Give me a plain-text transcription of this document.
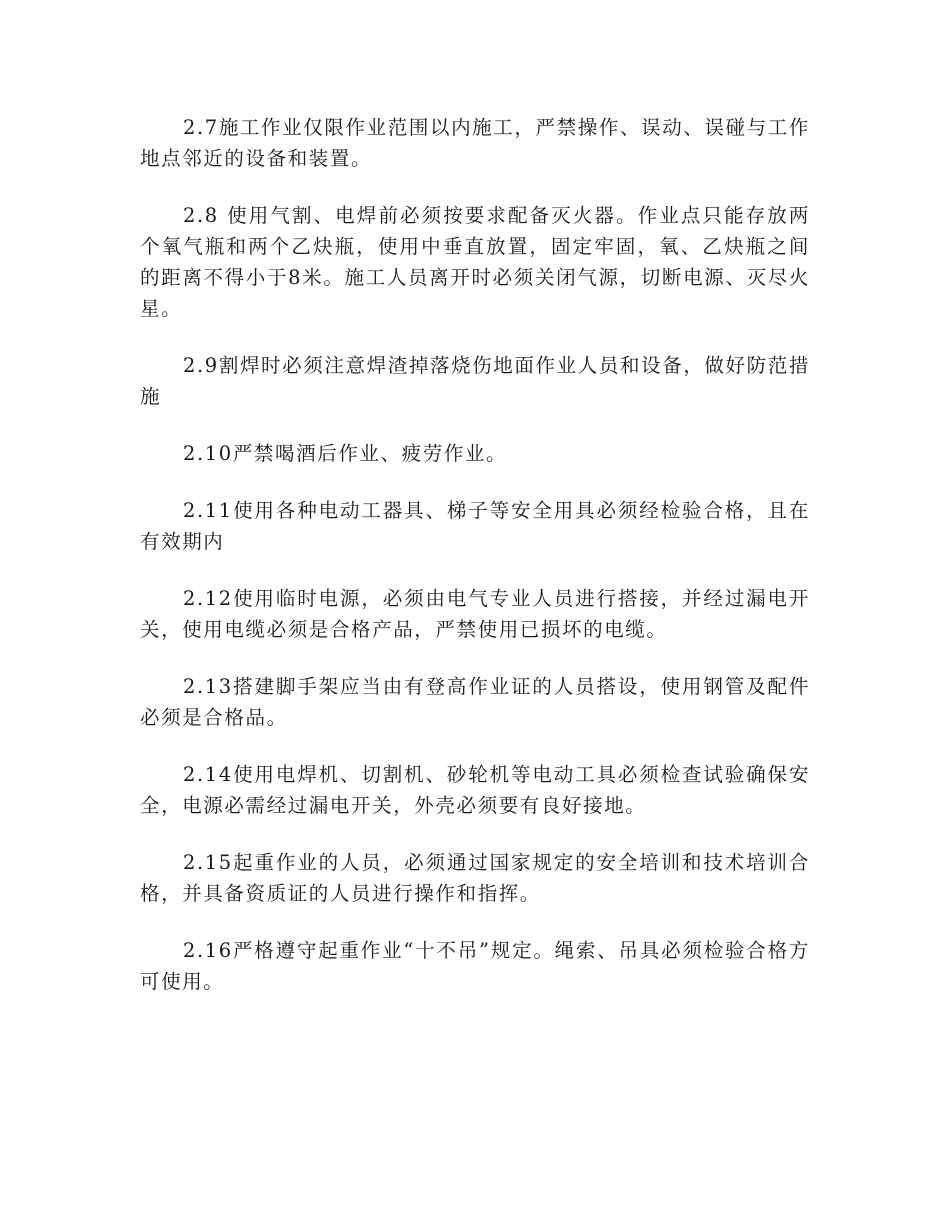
2.7施工作业仅限作业范围以内施工，严禁操作、误动、误碰与工作地点邻近的设备和装置。

2.8 使用气割、电焊前必须按要求配备灭火器。作业点只能存放两个氧气瓶和两个乙炔瓶，使用中垂直放置，固定牢固，氧、乙炔瓶之间的距离不得小于8米。施工人员离开时必须关闭气源，切断电源、灭尽火星。

2.9割焊时必须注意焊渣掉落烧伤地面作业人员和设备，做好防范措施

2.10严禁喝酒后作业、疲劳作业。

2.11使用各种电动工器具、梯子等安全用具必须经检验合格，且在有效期内

2.12使用临时电源，必须由电气专业人员进行搭接，并经过漏电开关，使用电缆必须是合格产品，严禁使用已损坏的电缆。

2.13搭建脚手架应当由有登高作业证的人员搭设，使用钢管及配件必须是合格品。

2.14使用电焊机、切割机、砂轮机等电动工具必须检查试验确保安全，电源必需经过漏电开关，外壳必须要有良好接地。

2.15起重作业的人员，必须通过国家规定的安全培训和技术培训合格，并具备资质证的人员进行操作和指挥。

2.16严格遵守起重作业“十不吊”规定。绳索、吊具必须检验合格方可使用。
